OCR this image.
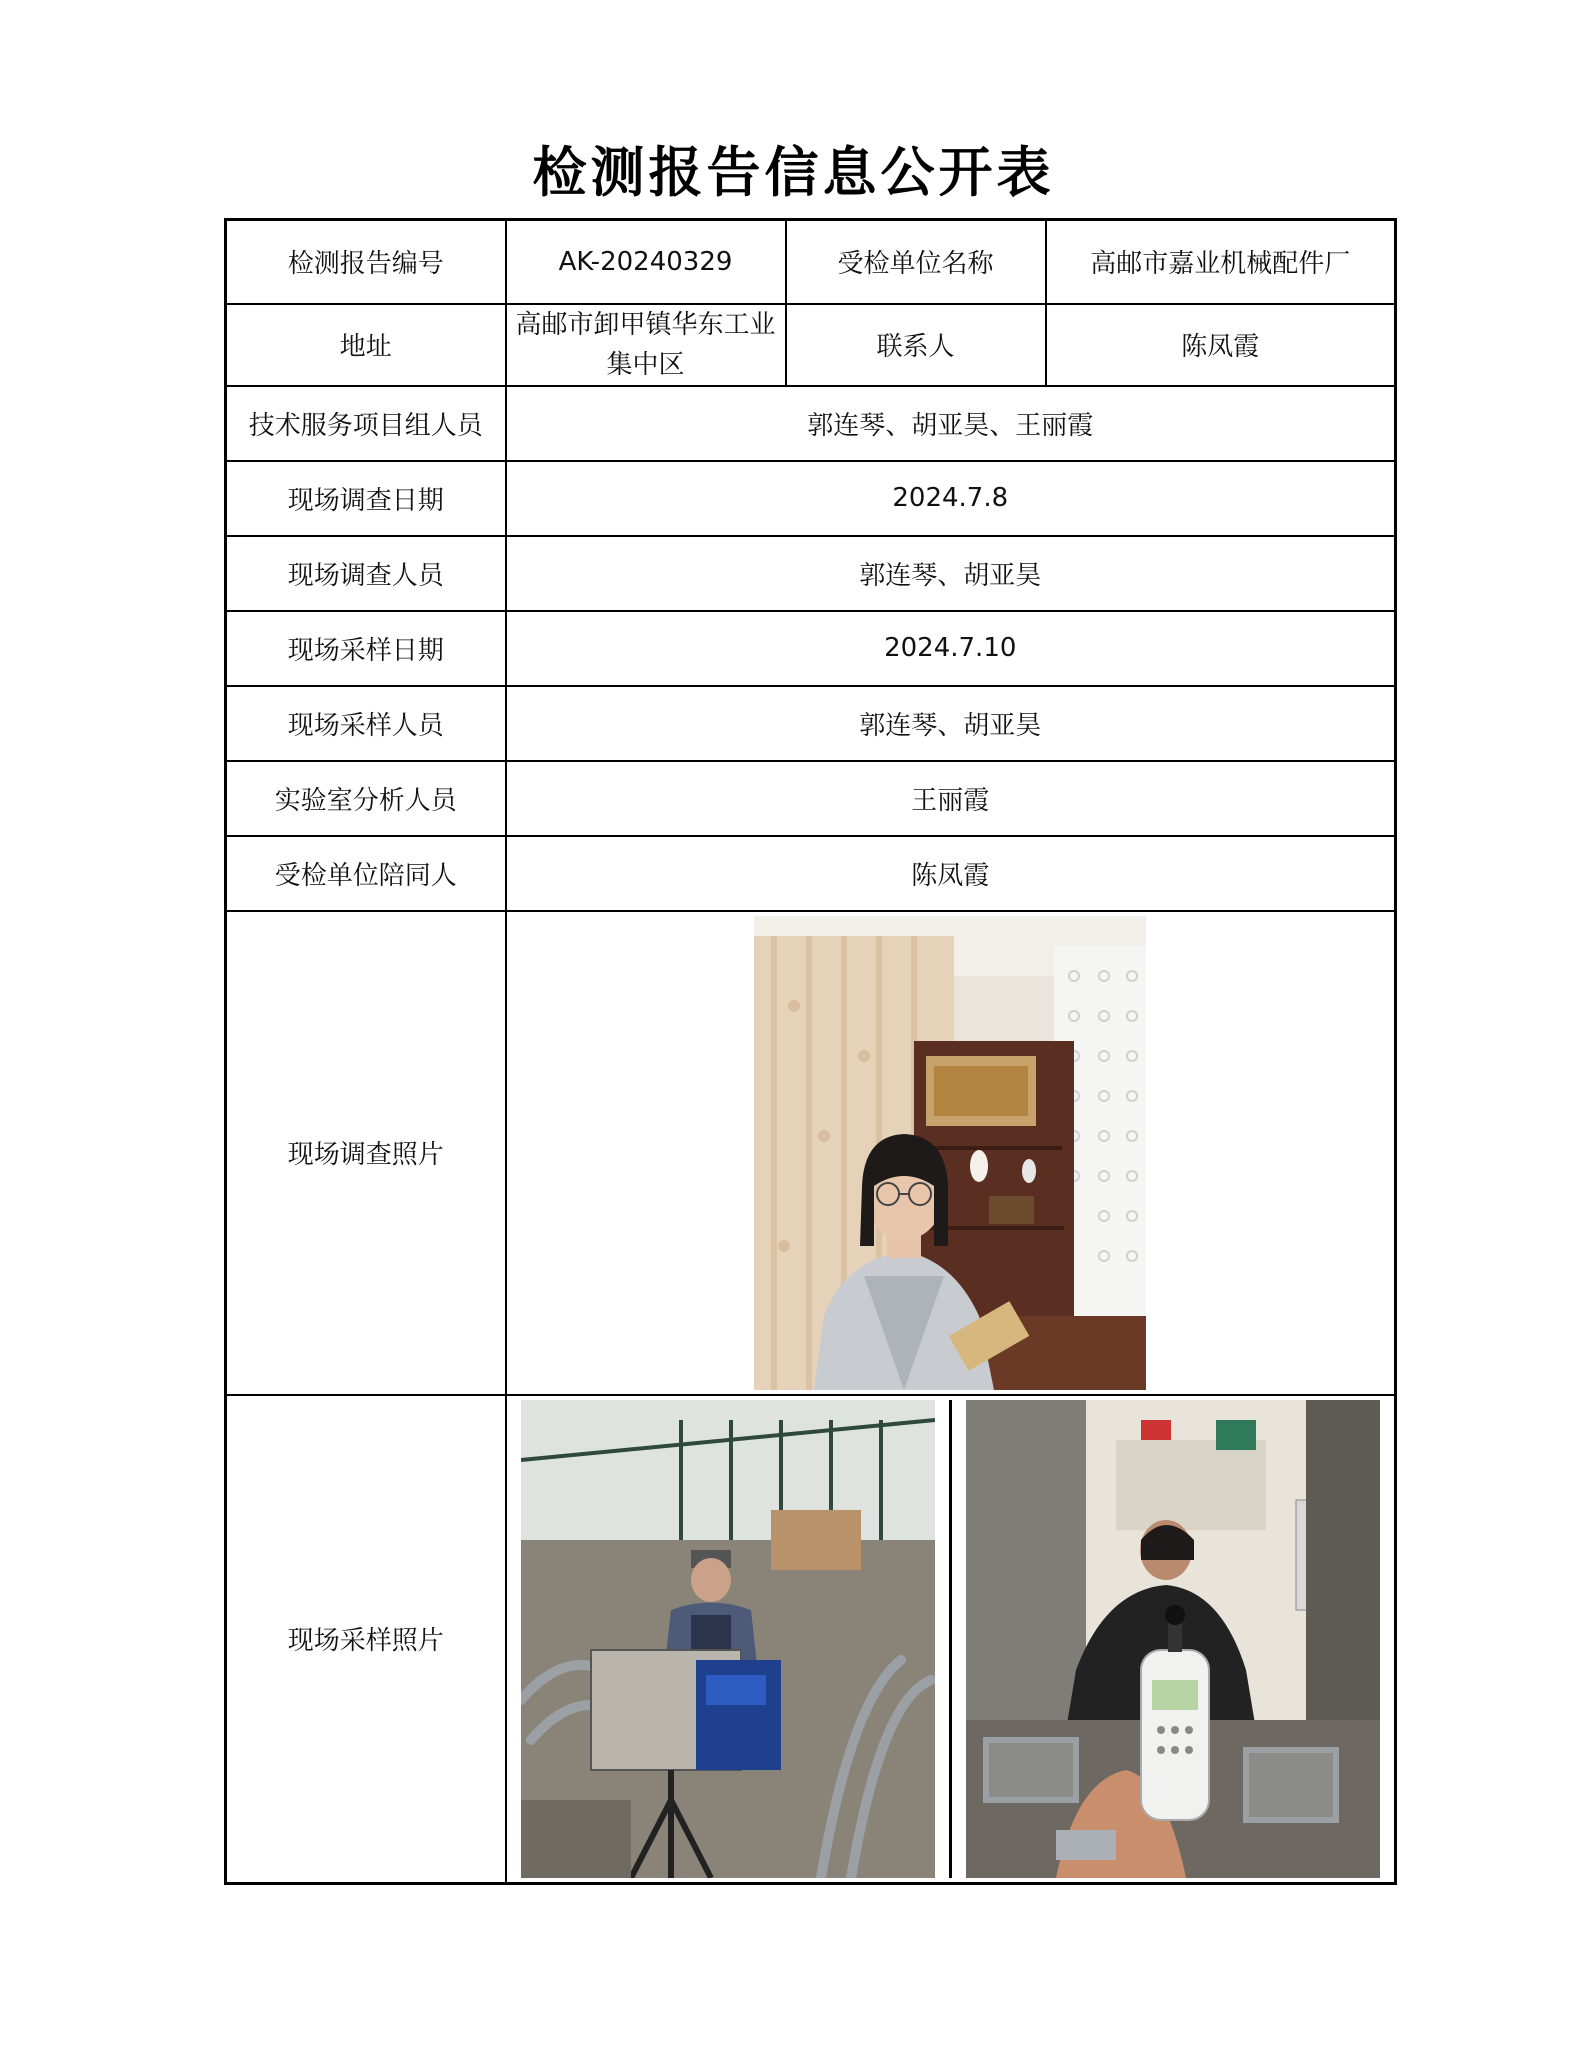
检测报告信息公开表
检测报告编号	AK-20240329	受检单位名称	高邮市嘉业机械配件厂
地址	高邮市卸甲镇华东工业集中区	联系人	陈凤霞
技术服务项目组人员	郭连琴、胡亚昊、王丽霞		
现场调查日期	2024.7.8		
现场调查人员	郭连琴、胡亚昊		
现场采样日期	2024.7.10		
现场采样人员	郭连琴、胡亚昊		
实验室分析人员	王丽霞		
受检单位陪同人	陈凤霞		
现场调查照片	

现场采样照片	
